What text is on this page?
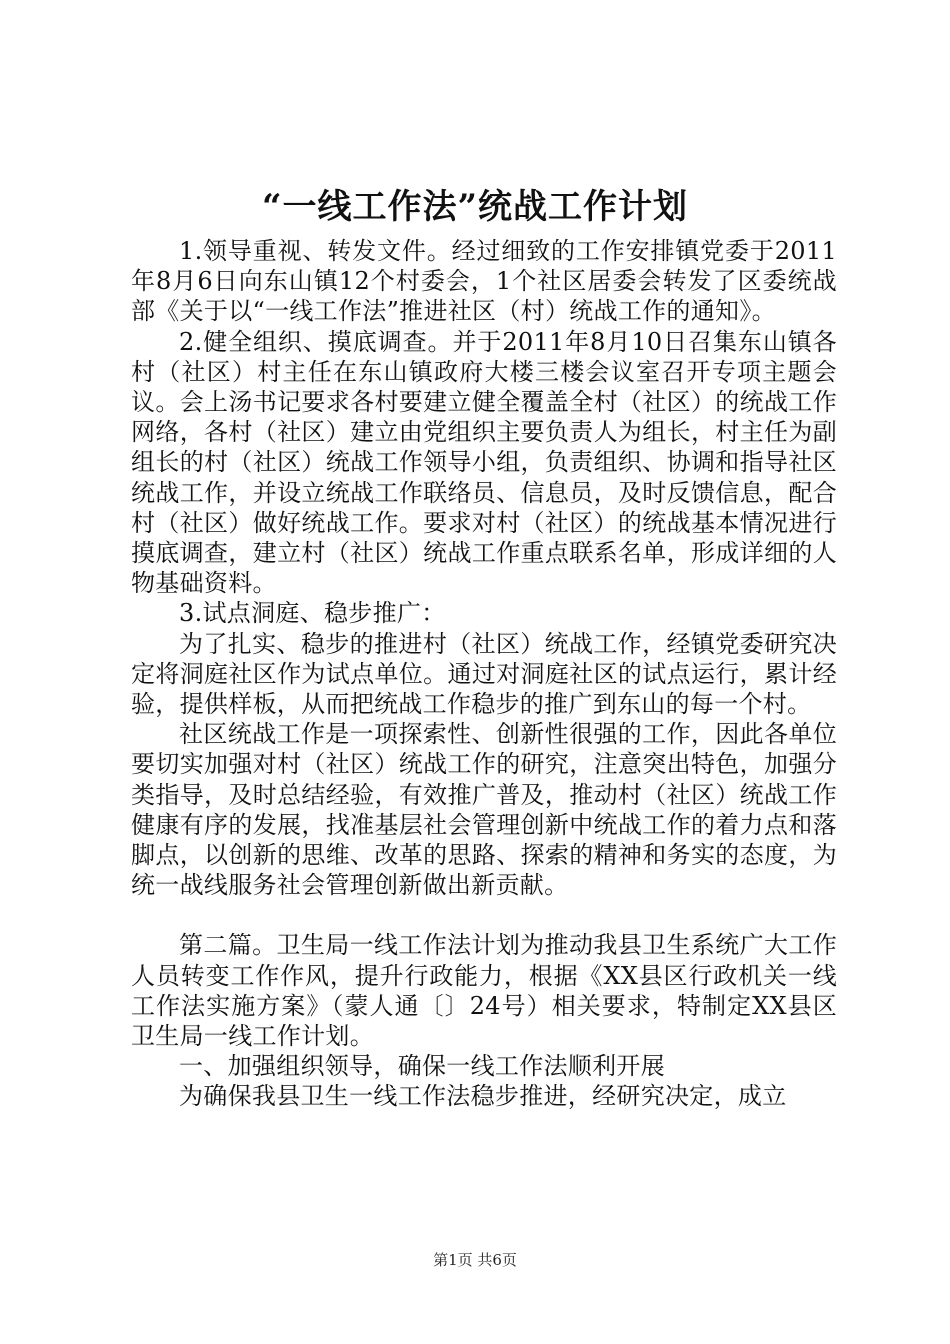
“一线工作法”统战工作计划

1.领导重视、转发文件。经过细致的工作安排镇党委于2011年8月6日向东山镇12个村委会，1个社区居委会转发了区委统战部《关于以“一线工作法”推进社区（村）统战工作的通知》。

2.健全组织、摸底调查。并于2011年8月10日召集东山镇各村（社区）村主任在东山镇政府大楼三楼会议室召开专项主题会议。会上汤书记要求各村要建立健全覆盖全村（社区）的统战工作网络，各村（社区）建立由党组织主要负责人为组长，村主任为副组长的村（社区）统战工作领导小组，负责组织、协调和指导社区统战工作，并设立统战工作联络员、信息员，及时反馈信息，配合村（社区）做好统战工作。要求对村（社区）的统战基本情况进行摸底调查，建立村（社区）统战工作重点联系名单，形成详细的人物基础资料。

3.试点洞庭、稳步推广：

为了扎实、稳步的推进村（社区）统战工作，经镇党委研究决定将洞庭社区作为试点单位。通过对洞庭社区的试点运行，累计经验，提供样板，从而把统战工作稳步的推广到东山的每一个村。

社区统战工作是一项探索性、创新性很强的工作，因此各单位要切实加强对村（社区）统战工作的研究，注意突出特色，加强分类指导，及时总结经验，有效推广普及，推动村（社区）统战工作健康有序的发展，找准基层社会管理创新中统战工作的着力点和落脚点，以创新的思维、改革的思路、探索的精神和务实的态度，为统一战线服务社会管理创新做出新贡献。

第二篇。卫生局一线工作法计划为推动我县卫生系统广大工作人员转变工作作风，提升行政能力，根据《XX县区行政机关一线工作法实施方案》（蒙人通〔〕24号）相关要求，特制定XX县区卫生局一线工作计划。

一、加强组织领导，确保一线工作法顺利开展

为确保我县卫生一线工作法稳步推进，经研究决定，成立

第1页 共6页
